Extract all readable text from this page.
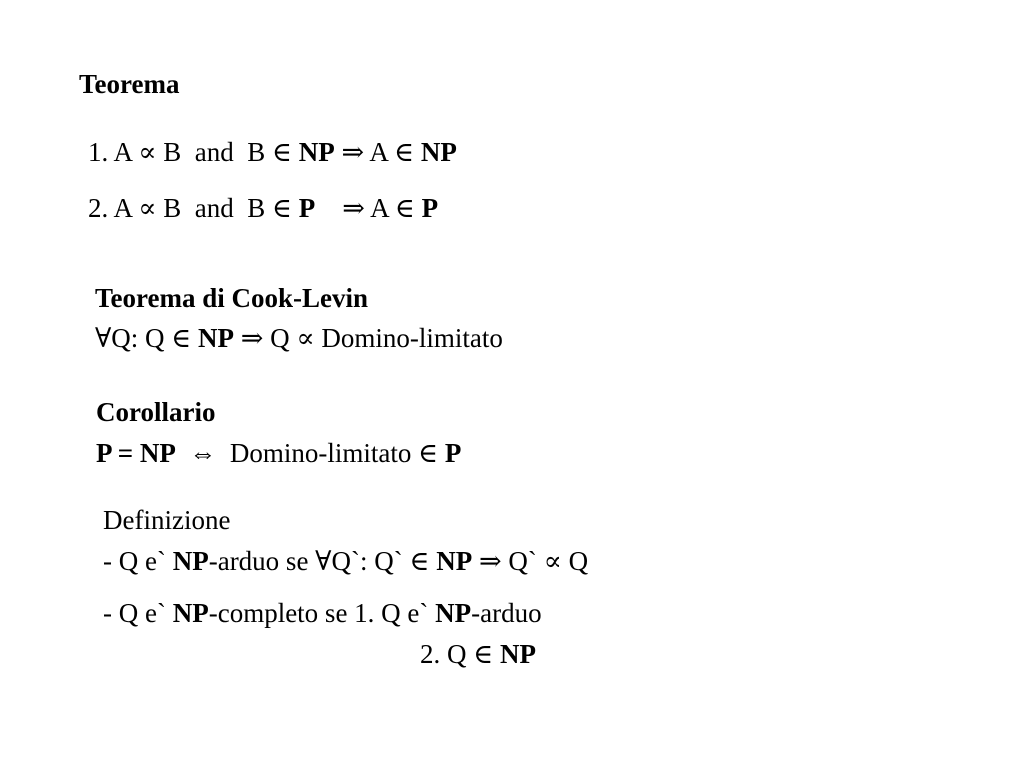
Teorema
1. A ∝ B  and  B ∈ NP ⇒ A ∈ NP
2. A ∝ B  and  B ∈ P    ⇒ A ∈ P
Teorema di Cook-Levin
∀Q: Q ∈ NP ⇒ Q ∝ Domino-limitato
Corollario
P = NP  ⇔  Domino-limitato ∈ P
Definizione
- Q e` NP-arduo se ∀Q`: Q` ∈ NP ⇒ Q` ∝ Q
- Q e` NP-completo se 1. Q e` NP-arduo
2. Q ∈ NP
